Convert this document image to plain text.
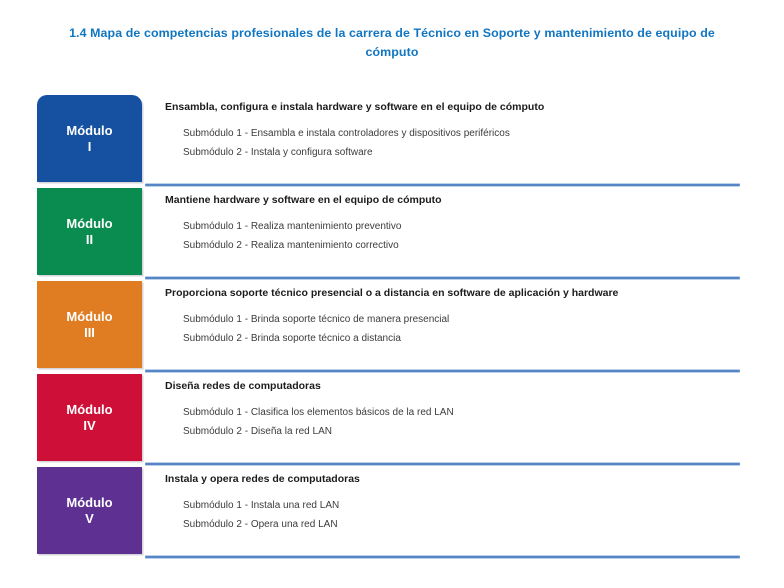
1.4 Mapa de competencias profesionales de la carrera de Técnico en Soporte y mantenimiento de equipo de
cómputo
Módulo
I
Ensambla, configura e instala hardware y software en el equipo de cómputo
Submódulo 1 - Ensambla e instala controladores y dispositivos periféricos
Submódulo 2 - Instala y configura software
Módulo
II
Mantiene hardware y software en el equipo de cómputo
Submódulo 1 - Realiza mantenimiento preventivo
Submódulo 2 - Realiza mantenimiento correctivo
Módulo
III
Proporciona soporte técnico presencial o a distancia en software de aplicación y hardware
Submódulo 1 - Brinda soporte técnico de manera presencial
Submódulo 2 - Brinda soporte técnico a distancia
Módulo
IV
Diseña redes de computadoras
Submódulo 1 - Clasifica los elementos básicos de la red LAN
Submódulo 2 - Diseña la red LAN
Módulo
V
Instala y opera redes de computadoras
Submódulo 1 - Instala una red LAN
Submódulo 2 - Opera una red LAN
